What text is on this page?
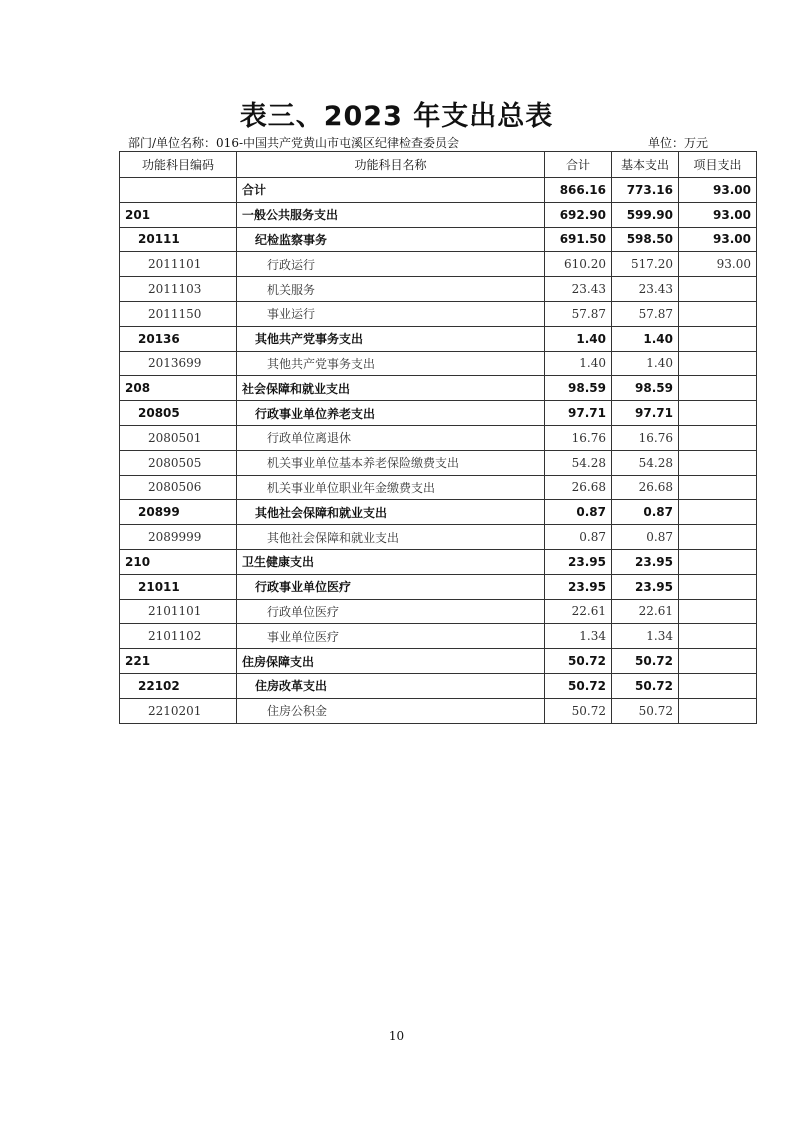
表三、2023 年支出总表
部门/单位名称：016-中国共产党黄山市屯溪区纪律检查委员会	单位：万元
功能科目编码	功能科目名称	合计	基本支出	项目支出
	合计	866.16	773.16	93.00
201	一般公共服务支出	692.90	599.90	93.00
20111	纪检监察事务	691.50	598.50	93.00
2011101	行政运行	610.20	517.20	93.00
2011103	机关服务	23.43	23.43	
2011150	事业运行	57.87	57.87	
20136	其他共产党事务支出	1.40	1.40	
2013699	其他共产党事务支出	1.40	1.40	
208	社会保障和就业支出	98.59	98.59	
20805	行政事业单位养老支出	97.71	97.71	
2080501	行政单位离退休	16.76	16.76	
2080505	机关事业单位基本养老保险缴费支出	54.28	54.28	
2080506	机关事业单位职业年金缴费支出	26.68	26.68	
20899	其他社会保障和就业支出	0.87	0.87	
2089999	其他社会保障和就业支出	0.87	0.87	
210	卫生健康支出	23.95	23.95	
21011	行政事业单位医疗	23.95	23.95	
2101101	行政单位医疗	22.61	22.61	
2101102	事业单位医疗	1.34	1.34	
221	住房保障支出	50.72	50.72	
22102	住房改革支出	50.72	50.72	
2210201	住房公积金	50.72	50.72	
10
